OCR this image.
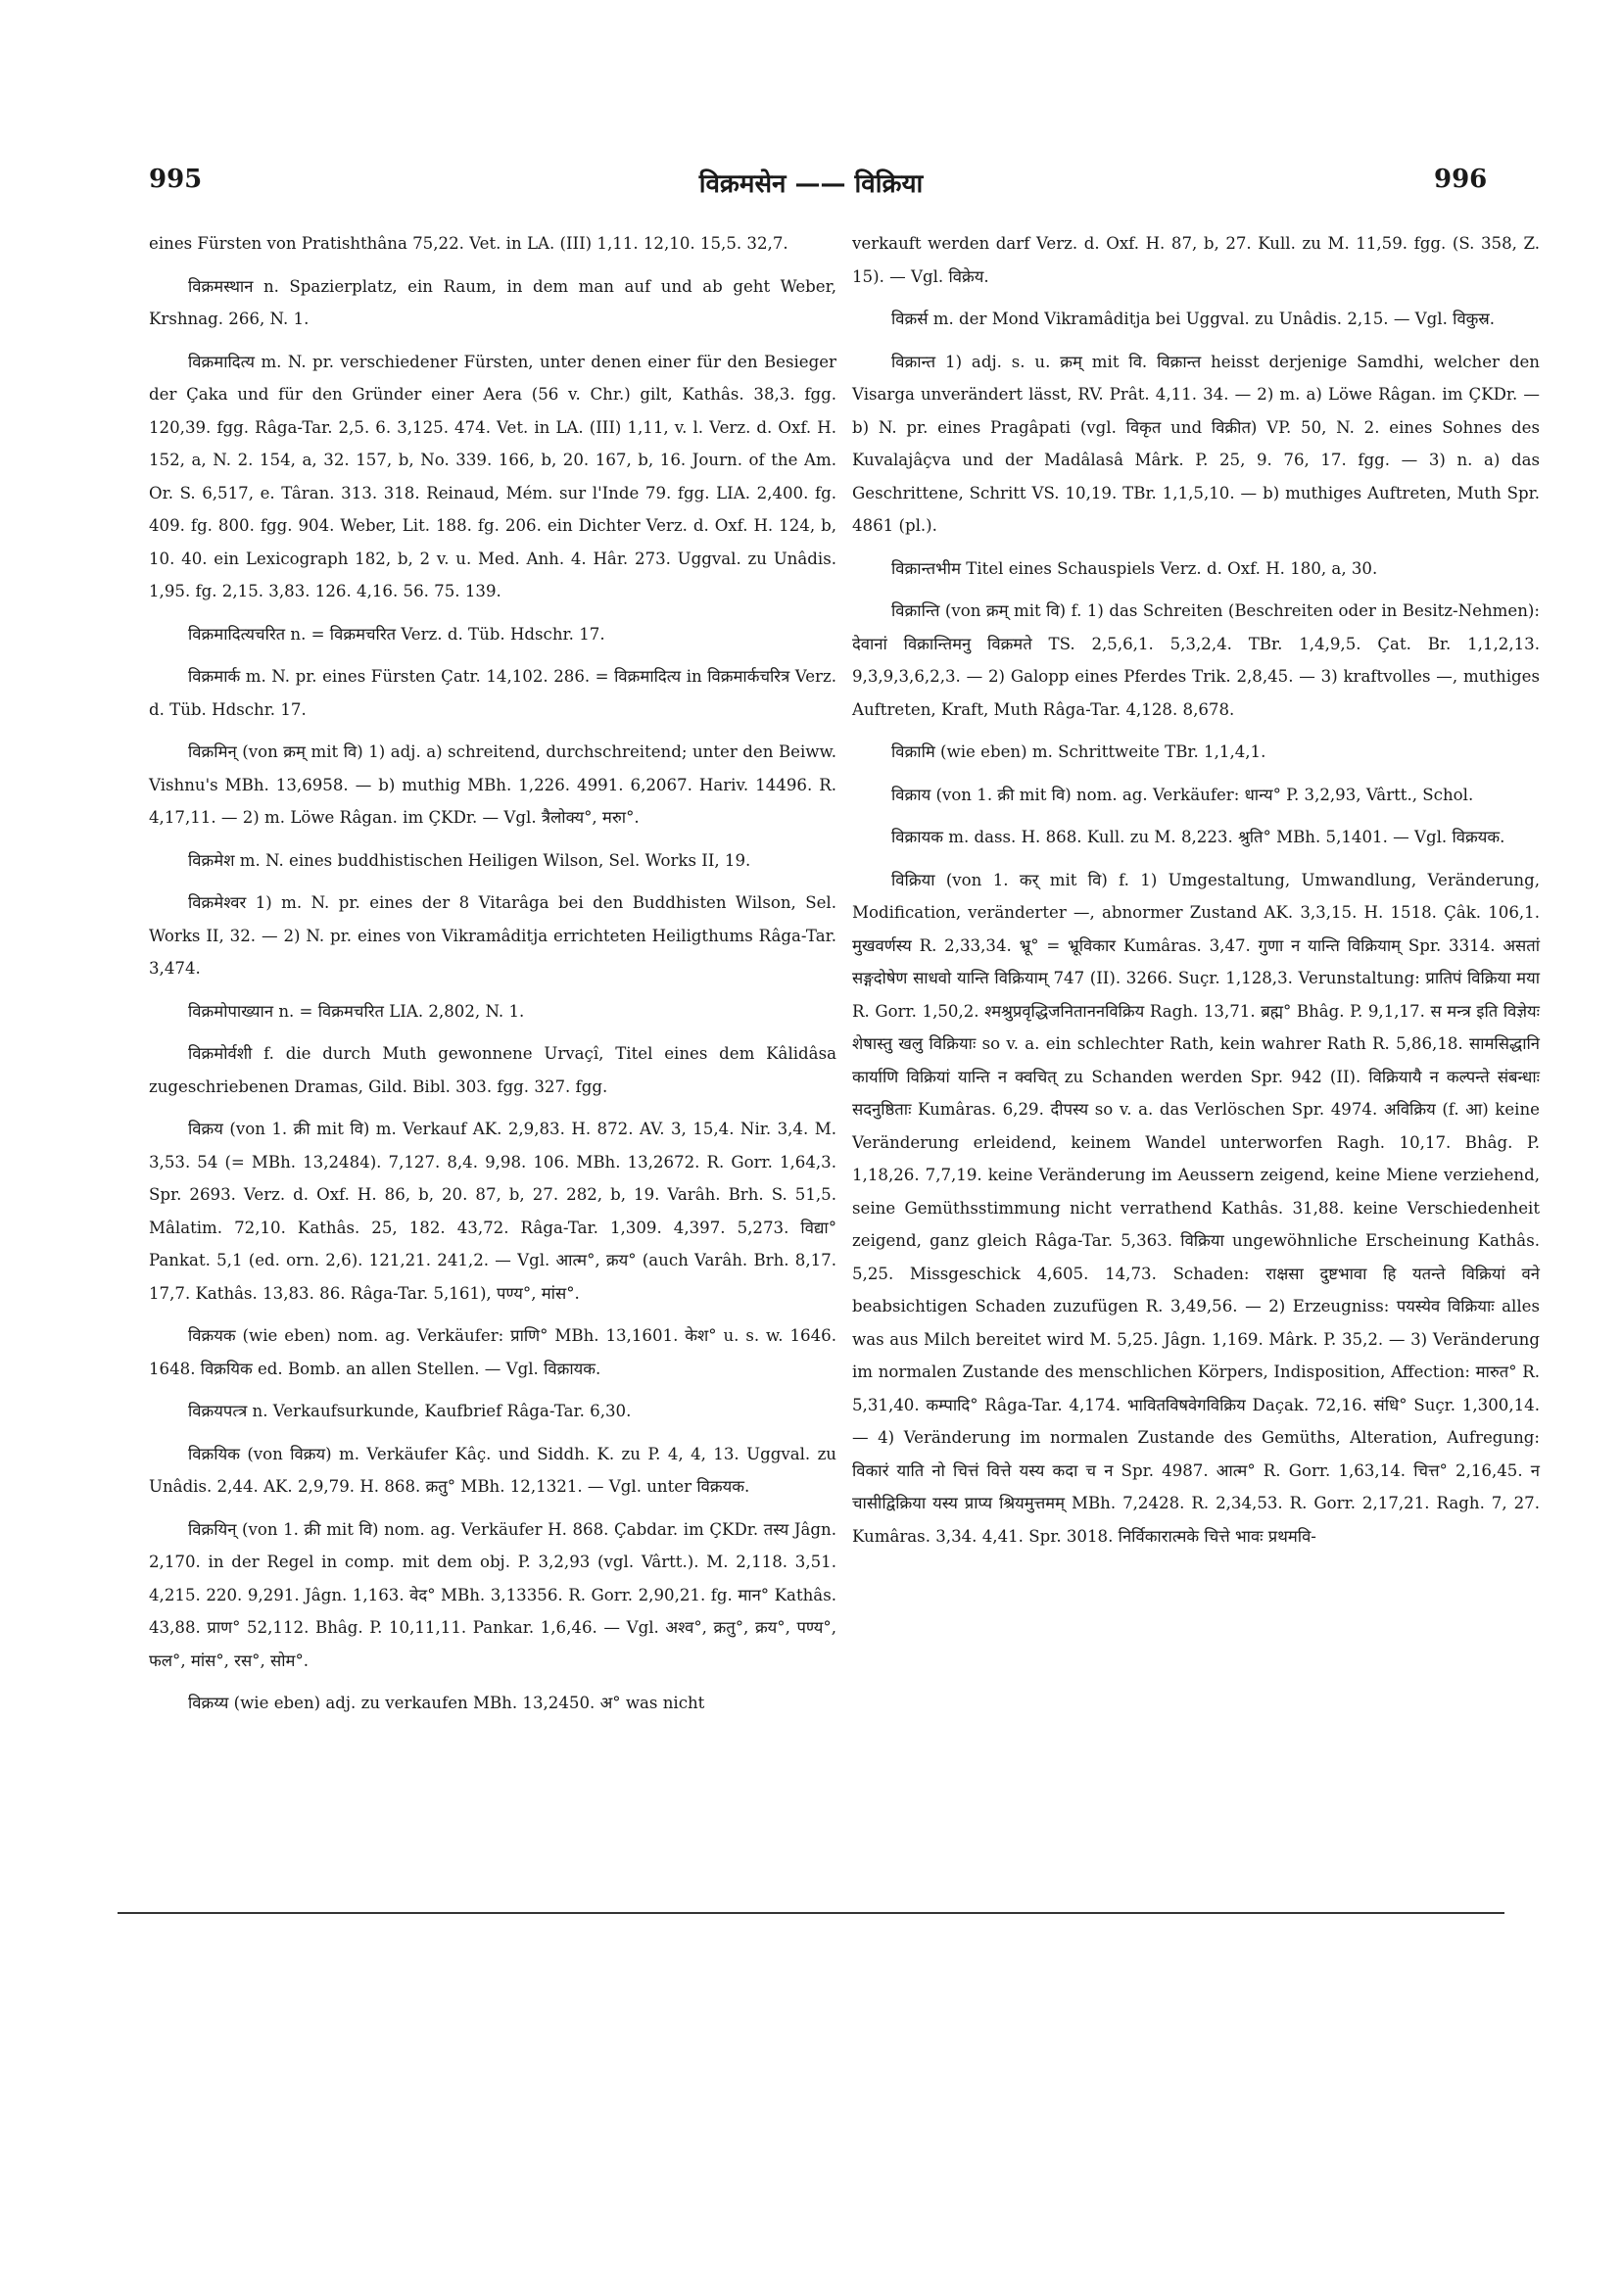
995	विक्रमसेन —— विक्रिया	996

eines Fürsten von Pratishthâna 75,22. Vet. in LA. (III) 1,11. 12,10. 15,5. 32,7.

विक्रमस्थान n. Spazierplatz, ein Raum, in dem man auf und ab geht Weber, Krshnag. 266, N. 1.

विक्रमादित्य m. N. pr. verschiedener Fürsten, unter denen einer für den Besieger der Çaka und für den Gründer einer Aera (56 v. Chr.) gilt, Kathâs. 38,3. fgg. 120,39. fgg. Râga-Tar. 2,5. 6. 3,125. 474. Vet. in LA. (III) 1,11, v. l. Verz. d. Oxf. H. 152, a, N. 2. 154, a, 32. 157, b, No. 339. 166, b, 20. 167, b, 16. Journ. of the Am. Or. S. 6,517, e. Târan. 313. 318. Reinaud, Mém. sur l'Inde 79. fgg. LIA. 2,400. fg. 409. fg. 800. fgg. 904. Weber, Lit. 188. fg. 206. ein Dichter Verz. d. Oxf. H. 124, b, 10. 40. ein Lexicograph 182, b, 2 v. u. Med. Anh. 4. Hâr. 273. Uggval. zu Unâdis. 1,95. fg. 2,15. 3,83. 126. 4,16. 56. 75. 139.

विक्रमादित्यचरित n. = विक्रमचरित Verz. d. Tüb. Hdschr. 17.

विक्रमार्क m. N. pr. eines Fürsten Çatr. 14,102. 286. = विक्रमादित्य in विक्रमार्कचरित्र Verz. d. Tüb. Hdschr. 17.

विक्रमिन् (von क्रम् mit वि) 1) adj. a) schreitend, durchschreitend; unter den Beiww. Vishnu's MBh. 13,6958. — b) muthig MBh. 1,226. 4991. 6,2067. Hariv. 14496. R. 4,17,11. — 2) m. Löwe Râgan. im ÇKDr. — Vgl. त्रैलोक्य°, मरुा°.

विक्रमेश m. N. eines buddhistischen Heiligen Wilson, Sel. Works II, 19.

विक्रमेश्वर 1) m. N. pr. eines der 8 Vitarâga bei den Buddhisten Wilson, Sel. Works II, 32. — 2) N. pr. eines von Vikramâditja errichteten Heiligthums Râga-Tar. 3,474.

विक्रमोपाख्यान n. = विक्रमचरित LIA. 2,802, N. 1.

विक्रमोर्वशी f. die durch Muth gewonnene Urvaçî, Titel eines dem Kâlidâsa zugeschriebenen Dramas, Gild. Bibl. 303. fgg. 327. fgg.

विक्रय (von 1. क्री mit वि) m. Verkauf AK. 2,9,83. H. 872. AV. 3, 15,4. Nir. 3,4. M. 3,53. 54 (= MBh. 13,2484). 7,127. 8,4. 9,98. 106. MBh. 13,2672. R. Gorr. 1,64,3. Spr. 2693. Verz. d. Oxf. H. 86, b, 20. 87, b, 27. 282, b, 19. Varâh. Brh. S. 51,5. Mâlatim. 72,10. Kathâs. 25, 182. 43,72. Râga-Tar. 1,309. 4,397. 5,273. विद्या° Pankat. 5,1 (ed. orn. 2,6). 121,21. 241,2. — Vgl. आत्म°, क्रय° (auch Varâh. Brh. 8,17. 17,7. Kathâs. 13,83. 86. Râga-Tar. 5,161), पण्य°, मांस°.

विक्रयक (wie eben) nom. ag. Verkäufer: प्राणि° MBh. 13,1601. केश° u. s. w. 1646. 1648. विक्रयिक ed. Bomb. an allen Stellen. — Vgl. विक्रायक.

विक्रयपत्त्र n. Verkaufsurkunde, Kaufbrief Râga-Tar. 6,30.

विक्रयिक (von विक्रय) m. Verkäufer Kâç. und Siddh. K. zu P. 4, 4, 13. Uggval. zu Unâdis. 2,44. AK. 2,9,79. H. 868. क्रतु° MBh. 12,1321. — Vgl. unter विक्रयक.

विक्रयिन् (von 1. क्री mit वि) nom. ag. Verkäufer H. 868. Çabdar. im ÇKDr. तस्य Jâgn. 2,170. in der Regel in comp. mit dem obj. P. 3,2,93 (vgl. Vârtt.). M. 2,118. 3,51. 4,215. 220. 9,291. Jâgn. 1,163. वेद° MBh. 3,13356. R. Gorr. 2,90,21. fg. मान° Kathâs. 43,88. प्राण° 52,112. Bhâg. P. 10,11,11. Pankar. 1,6,46. — Vgl. अश्व°, क्रतु°, क्रय°, पण्य°, फल°, मांस°, रस°, सोम°.

विक्रय्य (wie eben) adj. zu verkaufen MBh. 13,2450. अ° was nicht

verkauft werden darf Verz. d. Oxf. H. 87, b, 27. Kull. zu M. 11,59. fgg. (S. 358, Z. 15). — Vgl. विक्रेय.

विक्रर्स m. der Mond Vikramâditja bei Uggval. zu Unâdis. 2,15. — Vgl. विकुस्र.

विक्रान्त 1) adj. s. u. क्रम् mit वि. विक्रान्त heisst derjenige Samdhi, welcher den Visarga unverändert lässt, RV. Prât. 4,11. 34. — 2) m. a) Löwe Râgan. im ÇKDr. — b) N. pr. eines Pragâpati (vgl. विकृत und विक्रीत) VP. 50, N. 2. eines Sohnes des Kuvalajâçva und der Madâlasâ Mârk. P. 25, 9. 76, 17. fgg. — 3) n. a) das Geschrittene, Schritt VS. 10,19. TBr. 1,1,5,10. — b) muthiges Auftreten, Muth Spr. 4861 (pl.).

विक्रान्तभीम Titel eines Schauspiels Verz. d. Oxf. H. 180, a, 30.

विक्रान्ति (von क्रम् mit वि) f. 1) das Schreiten (Beschreiten oder in Besitz-Nehmen): देवानां विक्रान्तिमनु विक्रमते TS. 2,5,6,1. 5,3,2,4. TBr. 1,4,9,5. Çat. Br. 1,1,2,13. 9,3,9,3,6,2,3. — 2) Galopp eines Pferdes Trik. 2,8,45. — 3) kraftvolles —, muthiges Auftreten, Kraft, Muth Râga-Tar. 4,128. 8,678.

विक्रामि (wie eben) m. Schrittweite TBr. 1,1,4,1.

विक्राय (von 1. क्री mit वि) nom. ag. Verkäufer: धान्य° P. 3,2,93, Vârtt., Schol.

विक्रायक m. dass. H. 868. Kull. zu M. 8,223. श्रुति° MBh. 5,1401. — Vgl. विक्रयक.

विक्रिया (von 1. कर् mit वि) f. 1) Umgestaltung, Umwandlung, Veränderung, Modification, veränderter —, abnormer Zustand AK. 3,3,15. H. 1518. Çâk. 106,1. मुखवर्णस्य R. 2,33,34. भ्रू° = भ्रूविकार Kumâras. 3,47. गुणा न यान्ति विक्रियाम् Spr. 3314. असतां सङ्गदोषेण साधवो यान्ति विक्रियाम् 747 (II). 3266. Suçr. 1,128,3. Verunstaltung: प्रातिपं विक्रिया मया R. Gorr. 1,50,2. श्मश्रुप्रवृद्धिजनिताननविक्रिय Ragh. 13,71. ब्रह्म° Bhâg. P. 9,1,17. स मन्त्र इति विज्ञेयः शेषास्तु खलु विक्रियाः so v. a. ein schlechter Rath, kein wahrer Rath R. 5,86,18. सामसिद्धानि कार्याणि विक्रियां यान्ति न क्वचित् zu Schanden werden Spr. 942 (II). विक्रियायै न कल्पन्ते संबन्धाः सदनुष्ठिताः Kumâras. 6,29. दीपस्य so v. a. das Verlöschen Spr. 4974. अविक्रिय (f. आ) keine Veränderung erleidend, keinem Wandel unterworfen Ragh. 10,17. Bhâg. P. 1,18,26. 7,7,19. keine Veränderung im Aeussern zeigend, keine Miene verziehend, seine Gemüthsstimmung nicht verrathend Kathâs. 31,88. keine Verschiedenheit zeigend, ganz gleich Râga-Tar. 5,363. विक्रिया ungewöhnliche Erscheinung Kathâs. 5,25. Missgeschick 4,605. 14,73. Schaden: राक्षसा दुष्टभावा हि यतन्ते विक्रियां वने beabsichtigen Schaden zuzufügen R. 3,49,56. — 2) Erzeugniss: पयस्येव विक्रियाः alles was aus Milch bereitet wird M. 5,25. Jâgn. 1,169. Mârk. P. 35,2. — 3) Veränderung im normalen Zustande des menschlichen Körpers, Indisposition, Affection: मारुत° R. 5,31,40. कम्पादि° Râga-Tar. 4,174. भावितविषवेगविक्रिय Daçak. 72,16. संधि° Suçr. 1,300,14. — 4) Veränderung im normalen Zustande des Gemüths, Alteration, Aufregung: विकारं याति नो चित्तं वित्ते यस्य कदा च न Spr. 4987. आत्म° R. Gorr. 1,63,14. चित्त° 2,16,45. न चासीद्विक्रिया यस्य प्राप्य श्रियमुत्तमम् MBh. 7,2428. R. 2,34,53. R. Gorr. 2,17,21. Ragh. 7, 27. Kumâras. 3,34. 4,41. Spr. 3018. निर्विकारात्मके चित्ते भावः प्रथमवि-
